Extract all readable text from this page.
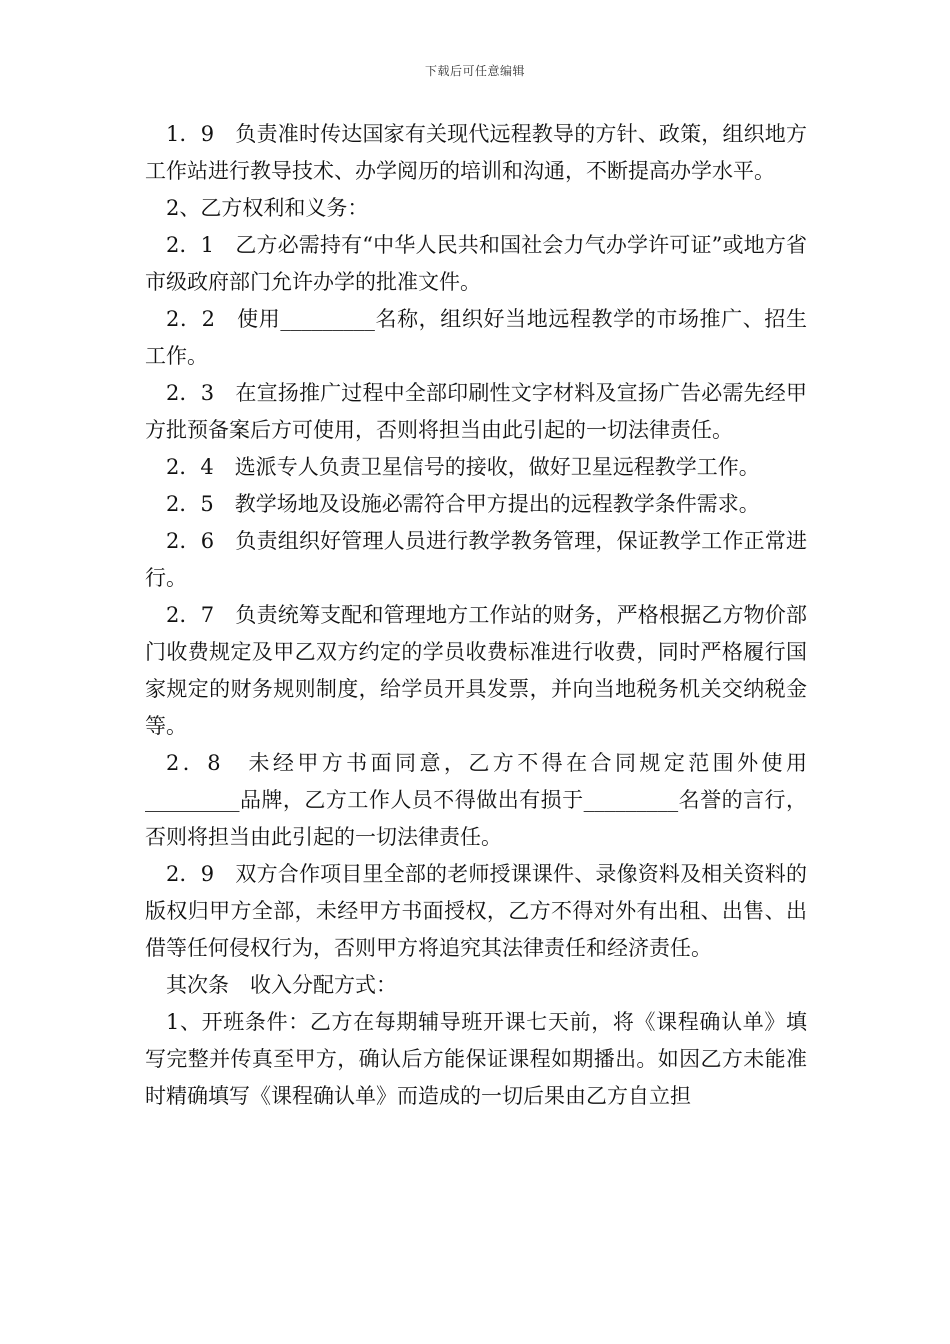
下载后可任意编辑

1．9　负责准时传达国家有关现代远程教导的方针、政策，组织地方工作站进行教导技术、办学阅历的培训和沟通，不断提高办学水平。

2、乙方权利和义务：

2．1　乙方必需持有“中华人民共和国社会力气办学许可证”或地方省市级政府部门允许办学的批准文件。

2．2　使用_________名称，组织好当地远程教学的市场推广、招生工作。

2．3　在宣扬推广过程中全部印刷性文字材料及宣扬广告必需先经甲方批预备案后方可使用，否则将担当由此引起的一切法律责任。

2．4　选派专人负责卫星信号的接收，做好卫星远程教学工作。

2．5　教学场地及设施必需符合甲方提出的远程教学条件需求。

2．6　负责组织好管理人员进行教学教务管理，保证教学工作正常进行。

2．7　负责统筹支配和管理地方工作站的财务，严格根据乙方物价部门收费规定及甲乙双方约定的学员收费标准进行收费，同时严格履行国家规定的财务规则制度，给学员开具发票，并向当地税务机关交纳税金等。

2．8　未经甲方书面同意，乙方不得在合同规定范围外使用_________品牌，乙方工作人员不得做出有损于_________名誉的言行，否则将担当由此引起的一切法律责任。

2．9　双方合作项目里全部的老师授课课件、录像资料及相关资料的版权归甲方全部，未经甲方书面授权，乙方不得对外有出租、出售、出借等任何侵权行为，否则甲方将追究其法律责任和经济责任。

其次条　收入分配方式：

1、开班条件：乙方在每期辅导班开课七天前，将《课程确认单》填写完整并传真至甲方，确认后方能保证课程如期播出。如因乙方未能准时精确填写《课程确认单》而造成的一切后果由乙方自立担
